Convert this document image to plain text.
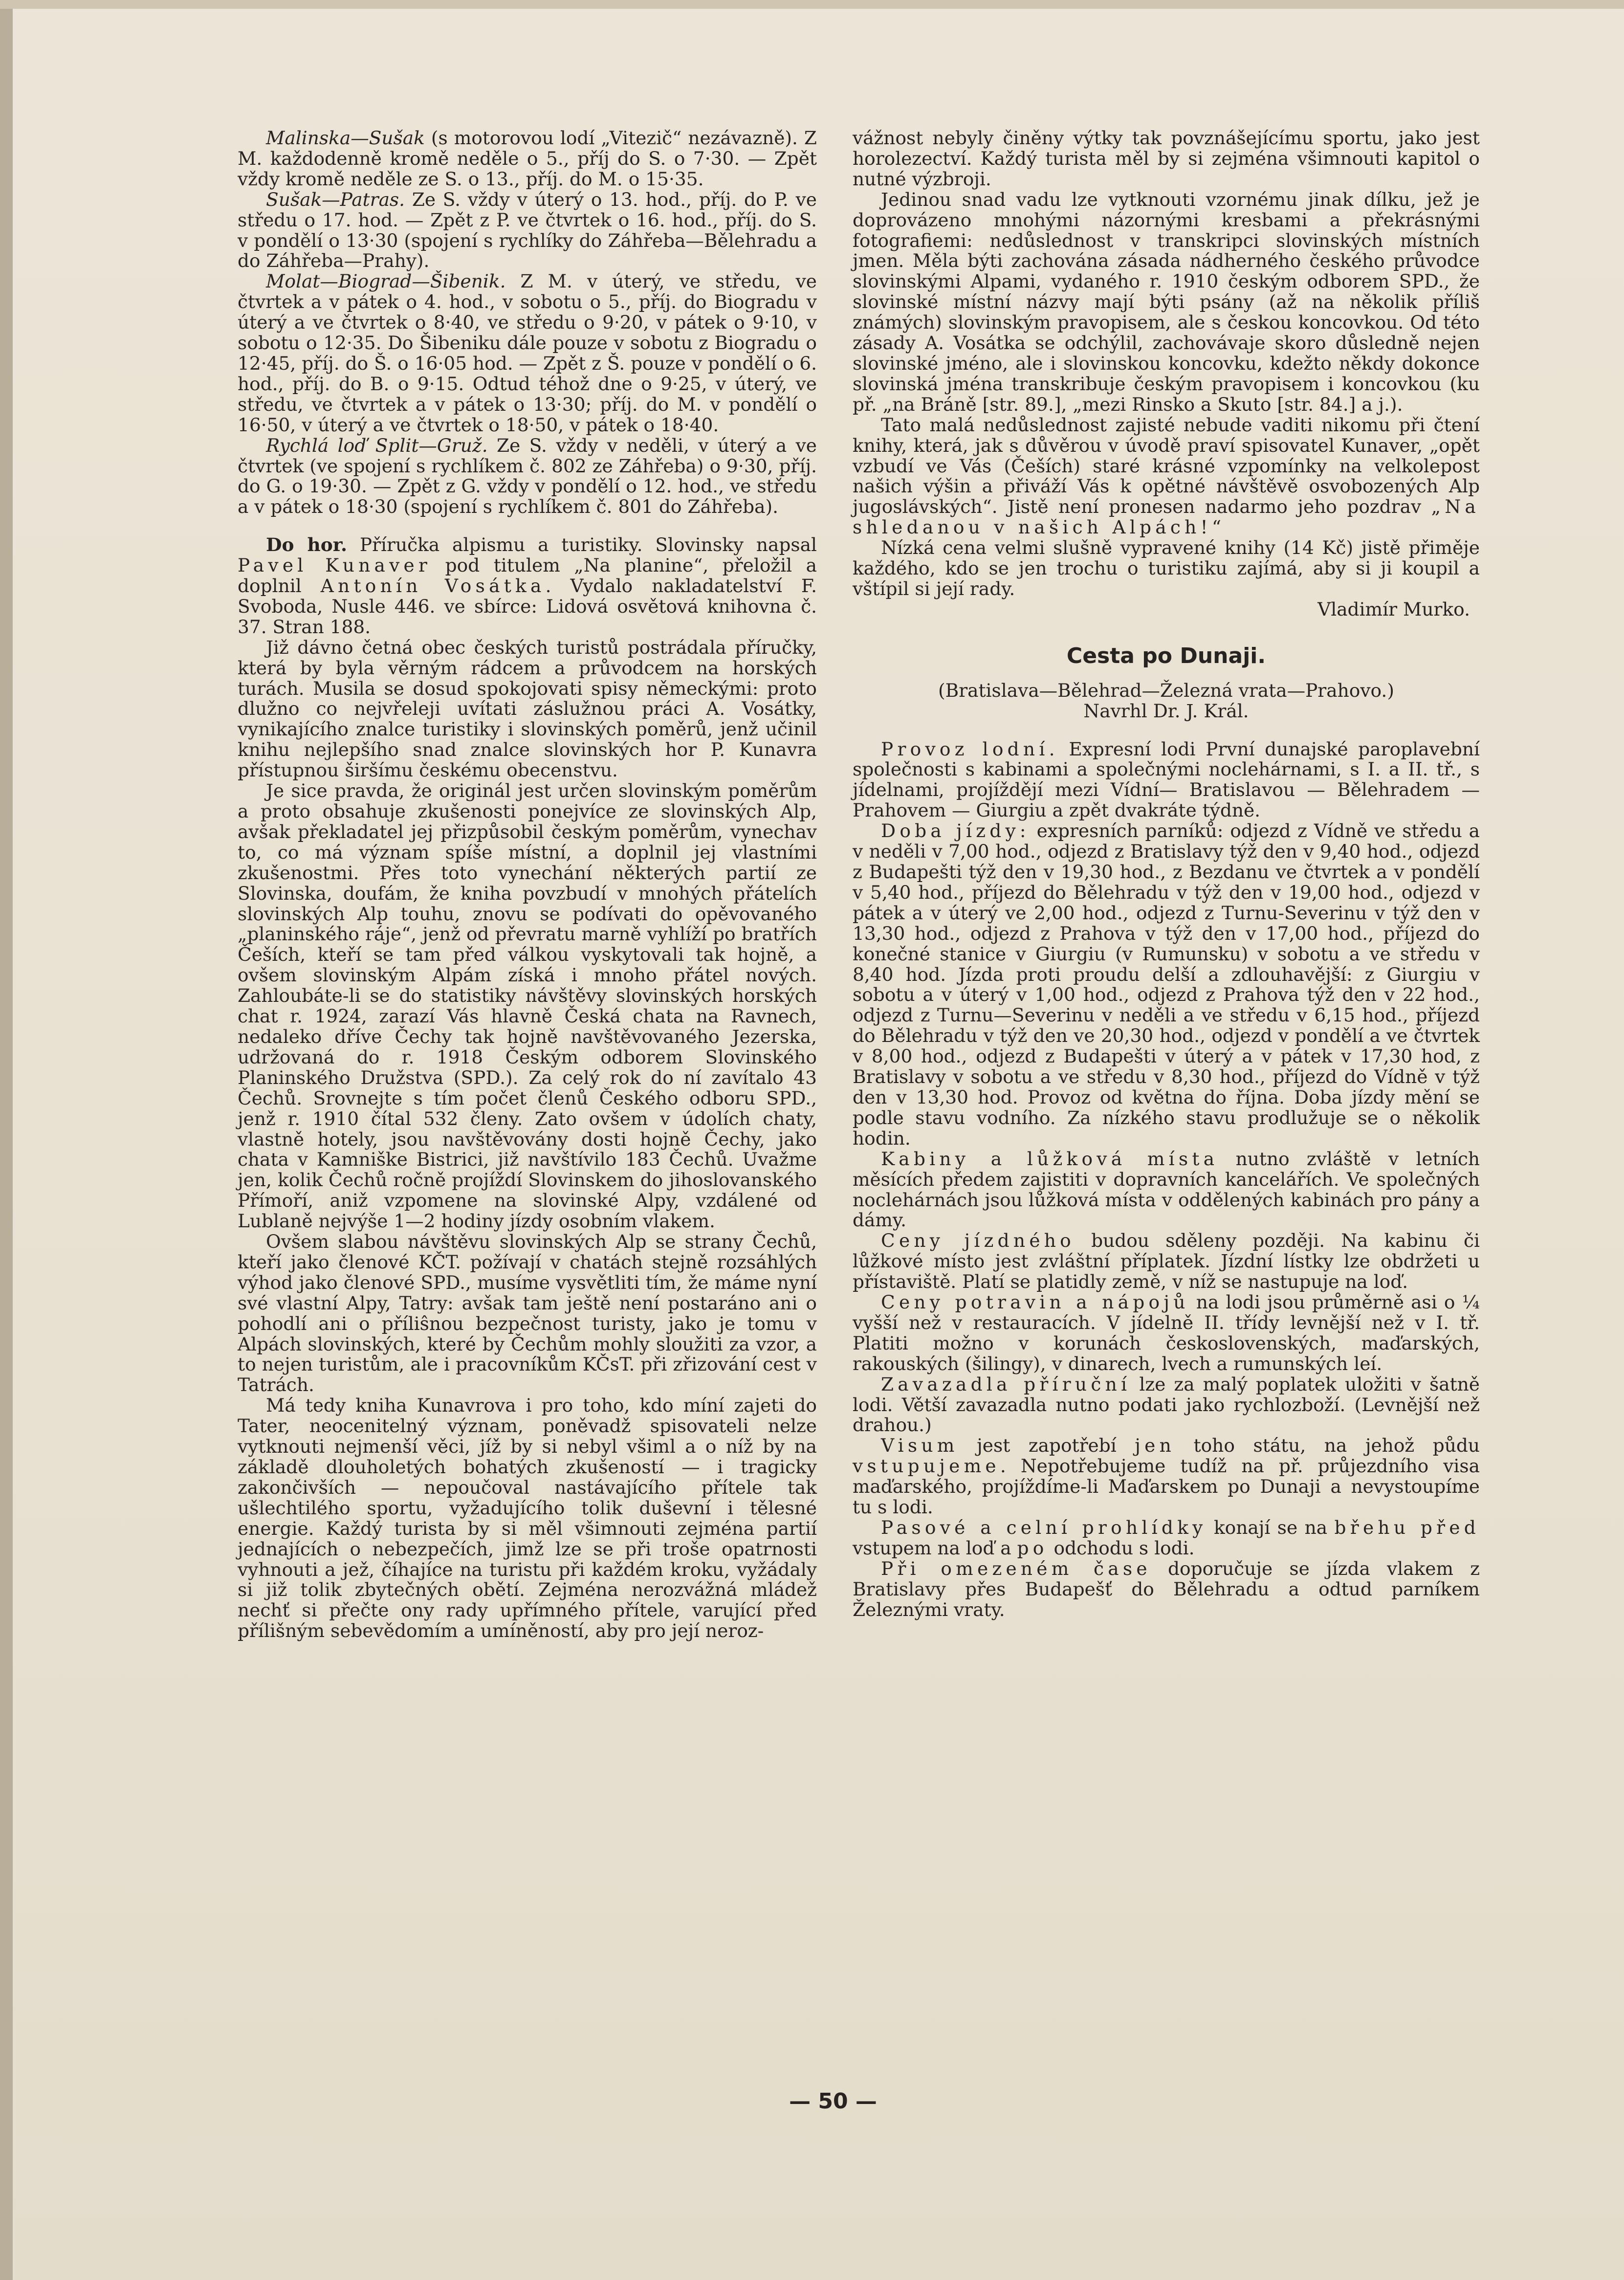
Malinska—Sušak (s motorovou lodí „Vitezič“ nezávazně). Z M. každodenně kromě neděle o 5., příj do S. o 7·30. — Zpět vždy kromě neděle ze S. o 13., příj. do M. o 15·35.

Sušak—Patras. Ze S. vždy v úterý o 13. hod., příj. do P. ve středu o 17. hod. — Zpět z P. ve čtvrtek o 16. hod., příj. do S. v pondělí o 13·30 (spojení s rychlíky do Záhřeba—Bělehradu a do Záhřeba—Prahy).

Molat—Biograd—Šibenik. Z M. v úterý, ve středu, ve čtvrtek a v pátek o 4. hod., v sobotu o 5., příj. do Biogradu v úterý a ve čtvrtek o 8·40, ve středu o 9·20, v pátek o 9·10, v sobotu o 12·35. Do Šibeniku dále pouze v sobotu z Biogradu o 12·45, příj. do Š. o 16·05 hod. — Zpět z Š. pouze v pondělí o 6. hod., příj. do B. o 9·15. Odtud téhož dne o 9·25, v úterý, ve středu, ve čtvrtek a v pátek o 13·30; příj. do M. v pondělí o 16·50, v úterý a ve čtvrtek o 18·50, v pátek o 18·40.

Rychlá loď Split—Gruž. Ze S. vždy v neděli, v úterý a ve čtvrtek (ve spojení s rychlíkem č. 802 ze Záhřeba) o 9·30, příj. do G. o 19·30. — Zpět z G. vždy v pondělí o 12. hod., ve středu a v pátek o 18·30 (spojení s rychlíkem č. 801 do Záhřeba).

Do hor. Příručka alpismu a turistiky. Slovinsky napsal Pavel Kunaver pod titulem „Na planine“, přeložil a doplnil Antonín Vosátka. Vydalo nakladatelství F. Svoboda, Nusle 446. ve sbírce: Lidová osvětová knihovna č. 37. Stran 188.

Již dávno četná obec českých turistů postrádala příručky, která by byla věrným rádcem a průvodcem na horských turách. Musila se dosud spokojovati spisy německými: proto dlužno co nejvřeleji uvítati záslužnou práci A. Vosátky, vynikajícího znalce turistiky i slovinských poměrů, jenž učinil knihu nejlepšího snad znalce slovinských hor P. Kunavra přístupnou širšímu českému obecenstvu.

Je sice pravda, že originál jest určen slovinským poměrům a proto obsahuje zkušenosti ponejvíce ze slovinských Alp, avšak překladatel jej přizpůsobil českým poměrům, vynechav to, co má význam spíše místní, a doplnil jej vlastními zkušenostmi. Přes toto vynechání některých partií ze Slovinska, doufám, že kniha povzbudí v mnohých přátelích slovinských Alp touhu, znovu se podívati do opěvovaného „planinského ráje“, jenž od převratu marně vyhlíží po bratřích Češích, kteří se tam před válkou vyskytovali tak hojně, a ovšem slovinským Alpám získá i mnoho přátel nových. Zahloubáte-li se do statistiky návštěvy slovinských horských chat r. 1924, zarazí Vás hlavně Česká chata na Ravnech, nedaleko dříve Čechy tak hojně navštěvovaného Jezerska, udržovaná do r. 1918 Českým odborem Slovinského Planinského Družstva (SPD.). Za celý rok do ní zavítalo 43 Čechů. Srovnejte s tím počet členů Českého odboru SPD., jenž r. 1910 čítal 532 členy. Zato ovšem v údolích chaty, vlastně hotely, jsou navštěvovány dosti hojně Čechy, jako chata v Kamniške Bistrici, již navštívilo 183 Čechů. Uvažme jen, kolik Čechů ročně projíždí Slovinskem do jihoslovanského Přímoří, aniž vzpomene na slovinské Alpy, vzdálené od Lublaně nejvýše 1—2 hodiny jízdy osobním vlakem.

Ovšem slabou návštěvu slovinských Alp se strany Čechů, kteří jako členové KČT. požívají v chatách stejně rozsáhlých výhod jako členové SPD., musíme vysvětliti tím, že máme nyní své vlastní Alpy, Tatry: avšak tam ještě není postaráno ani o pohodlí ani o příliŝnou bezpečnost turisty, jako je tomu v Alpách slovinských, které by Čechům mohly sloužiti za vzor, a to nejen turistům, ale i pracovníkům KČsT. při zřizování cest v Tatrách.

Má tedy kniha Kunavrova i pro toho, kdo míní zajeti do Tater, neocenitelný význam, poněvadž spisovateli nelze vytknouti nejmenší věci, jíž by si nebyl všiml a o níž by na základě dlouholetých bohatých zkušeností — i tragicky zakončivších — nepoučoval nastávajícího přítele tak ušlechtilého sportu, vyžadujícího tolik duševní i tělesné energie. Každý turista by si měl všimnouti zejména partií jednajících o nebezpečích, jimž lze se při troše opatrnosti vyhnouti a jež, číhajíce na turistu při každém kroku, vyžádaly si již tolik zbytečných obětí. Zejména nerozvážná mládež nechť si přečte ony rady upřímného přítele, varující před přílišným sebevědomím a umíněností, aby pro její neroz-

vážnost nebyly činěny výtky tak povznášejícímu sportu, jako jest horolezectví. Každý turista měl by si zejména všimnouti kapitol o nutné výzbroji.

Jedinou snad vadu lze vytknouti vzornému jinak dílku, jež je doprovázeno mnohými názornými kresbami a překrásnými fotografiemi: nedůslednost v transkripci slovinských místních jmen. Měla býti zachována zásada nádherného českého průvodce slovinskými Alpami, vydaného r. 1910 českým odborem SPD., že slovinské místní názvy mají býti psány (až na několik příliš známých) slovinským pravopisem, ale s českou koncovkou. Od této zásady A. Vosátka se odchýlil, zachovávaje skoro důsledně nejen slovinské jméno, ale i slovinskou koncovku, kdežto někdy dokonce slovinská jména transkribuje českým pravopisem i koncovkou (ku př. „na Bráně [str. 89.], „mezi Rinsko a Skuto [str. 84.] a j.).

Tato malá nedůslednost zajisté nebude vaditi nikomu při čtení knihy, která, jak s důvěrou v úvodě praví spisovatel Kunaver, „opět vzbudí ve Vás (Češích) staré krásné vzpomínky na velkolepost našich výšin a přiváží Vás k opětné návštěvě osvobozených Alp jugoslávských“. Jistě není pronesen nadarmo jeho pozdrav „Na shledanou v našich Alpách!“

Nízká cena velmi slušně vypravené knihy (14 Kč) jistě přiměje každého, kdo se jen trochu o turistiku zajímá, aby si ji koupil a vštípil si její rady.

Vladimír Murko.

Cesta po Dunaji.

(Bratislava—Bělehrad—Železná vrata—Prahovo.)

Navrhl Dr. J. Král.

Provoz lodní. Expresní lodi První dunajské paroplavební společnosti s kabinami a společnými noclehárnami, s I. a II. tř., s jídelnami, projíždějí mezi Vídní— Bratislavou — Bělehradem — Prahovem — Giurgiu a zpět dvakráte týdně.

Doba jízdy: expresních parníků: odjezd z Vídně ve středu a v neděli v 7,00 hod., odjezd z Bratislavy týž den v 9,40 hod., odjezd z Budapešti týž den v 19,30 hod., z Bezdanu ve čtvrtek a v pondělí v 5,40 hod., příjezd do Bělehradu v týž den v 19,00 hod., odjezd v pátek a v úterý ve 2,00 hod., odjezd z Turnu-Severinu v týž den v 13,30 hod., odjezd z Prahova v týž den v 17,00 hod., příjezd do konečné stanice v Giurgiu (v Rumunsku) v sobotu a ve středu v 8,40 hod. Jízda proti proudu delší a zdlouhavější: z Giurgiu v sobotu a v úterý v 1,00 hod., odjezd z Prahova týž den v 22 hod., odjezd z Turnu—Severinu v neděli a ve středu v 6,15 hod., příjezd do Bělehradu v týž den ve 20,30 hod., odjezd v pondělí a ve čtvrtek v 8,00 hod., odjezd z Budapešti v úterý a v pátek v 17,30 hod, z Bratislavy v sobotu a ve středu v 8,30 hod., příjezd do Vídně v týž den v 13,30 hod. Provoz od května do října. Doba jízdy mění se podle stavu vodního. Za nízkého stavu prodlužuje se o několik hodin.

Kabiny a lůžková místa nutno zvláště v letních měsících předem zajistiti v dopravních kancelářích. Ve společných noclehárnách jsou lůžková místa v oddělených kabinách pro pány a dámy.

Ceny jízdného budou sděleny později. Na kabinu či lůžkové místo jest zvláštní příplatek. Jízdní lístky lze obdržeti u přístaviště. Platí se platidly země, v níž se nastupuje na loď.

Ceny potravin a nápojů na lodi jsou průměrně asi o ¼ vyšší než v restauracích. V jídelně II. třídy levnější než v I. tř. Platiti možno v korunách československých, maďarských, rakouských (šilingy), v dinarech, lvech a rumunských leí.

Zavazadla příruční lze za malý poplatek uložiti v šatně lodi. Větší zavazadla nutno podati jako rychlozboží. (Levnější než drahou.)

Visum jest zapotřebí jen toho státu, na jehož půdu vstupujeme. Nepotřebujeme tudíž na př. průjezdního visa maďarského, projíždíme-li Maďarskem po Dunaji a nevystoupíme tu s lodi.

Pasové a celní prohlídky konají se na břehu před vstupem na loď a po odchodu s lodi.

Při omezeném čase doporučuje se jízda vlakem z Bratislavy přes Budapešť do Bělehradu a odtud parníkem Železnými vraty.

— 50 —
